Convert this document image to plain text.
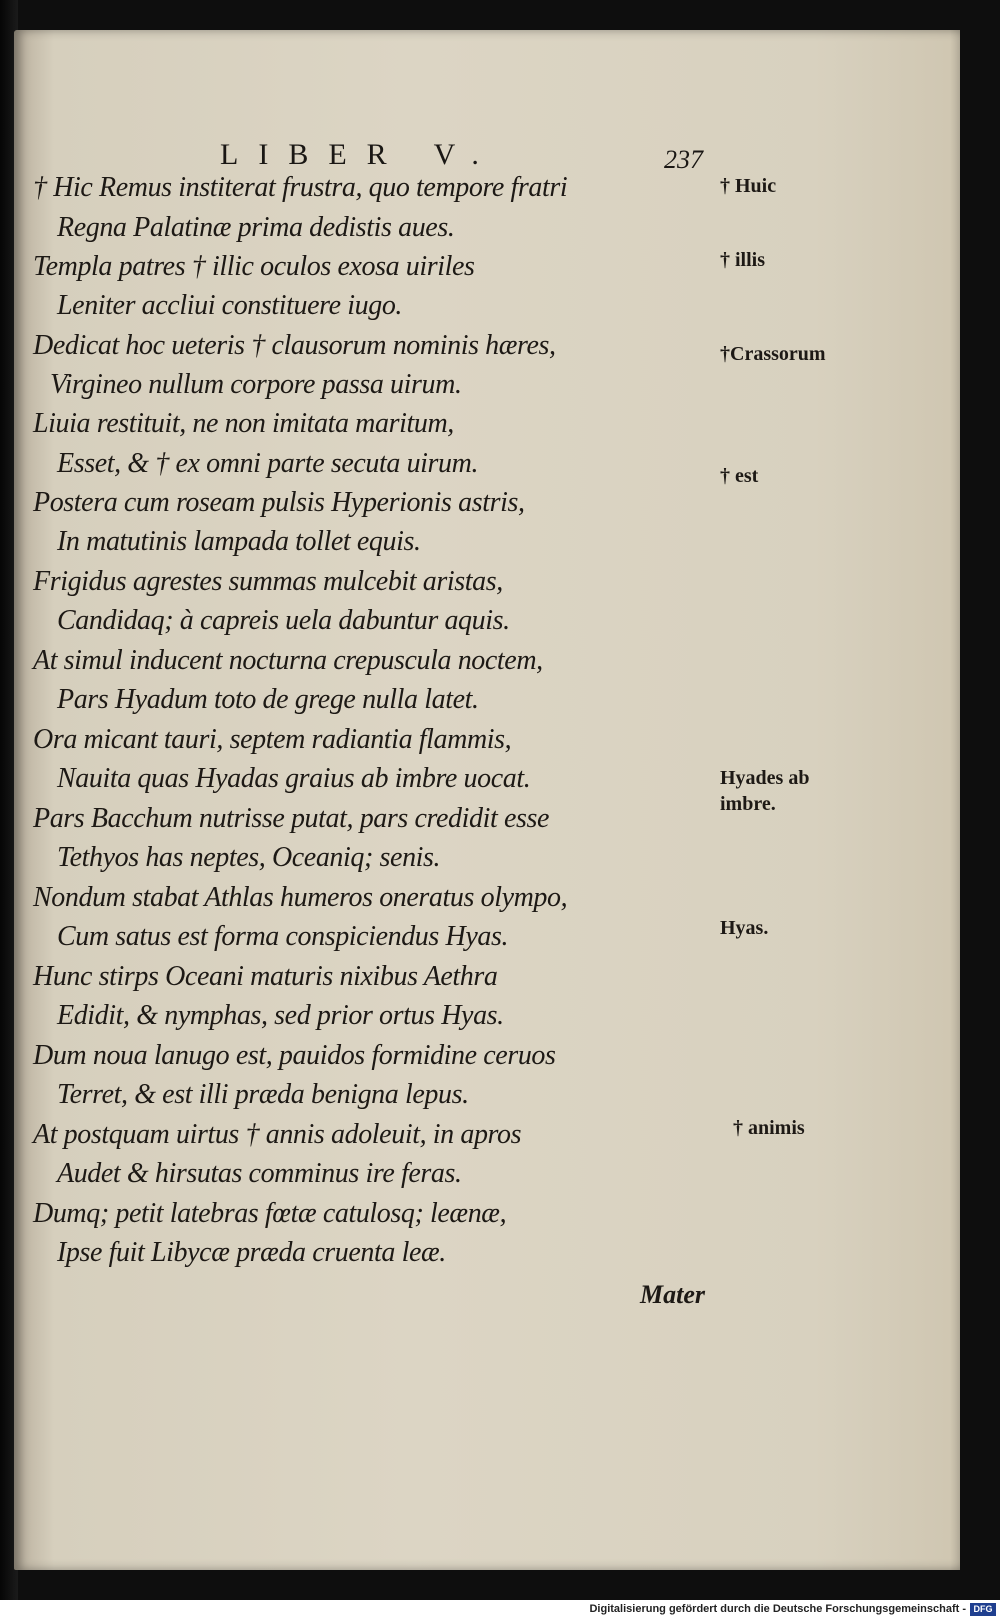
LIBER V.	237
† Hic Remus institerat frustra, quo tempore fratri
Regna Palatinæ prima dedistis aues.
Templa patres † illic oculos exosa uiriles
Leniter accliui constituere iugo.
Dedicat hoc ueteris † clausorum nominis hæres,
Virgineo nullum corpore passa uirum.
Liuia restituit, ne non imitata maritum,
Esset, & † ex omni parte secuta uirum.
Postera cum roseam pulsis Hyperionis astris,
In matutinis lampada tollet equis.
Frigidus agrestes summas mulcebit aristas,
Candidaq; à capreis uela dabuntur aquis.
At simul inducent nocturna crepuscula noctem,
Pars Hyadum toto de grege nulla latet.
Ora micant tauri, septem radiantia flammis,
Nauita quas Hyadas graius ab imbre uocat.
Pars Bacchum nutrisse putat, pars credidit esse
Tethyos has neptes, Oceaniq; senis.
Nondum stabat Athlas humeros oneratus olympo,
Cum satus est forma conspiciendus Hyas.
Hunc stirps Oceani maturis nixibus Aethra
Edidit, & nymphas, sed prior ortus Hyas.
Dum noua lanugo est, pauidos formidine ceruos
Terret, & est illi præda benigna lepus.
At postquam uirtus † annis adoleuit, in apros
Audet & hirsutas comminus ire feras.
Dumq; petit latebras fœtæ catulosq; leænæ,
Ipse fuit Libycæ præda cruenta leæ.
† Huic
† illis
†Crassorum
† est
Hyades ab
imbre.
Hyas.
† animis
Mater
Digitalisierung gefördert durch die Deutsche Forschungsgemeinschaft - DFG
